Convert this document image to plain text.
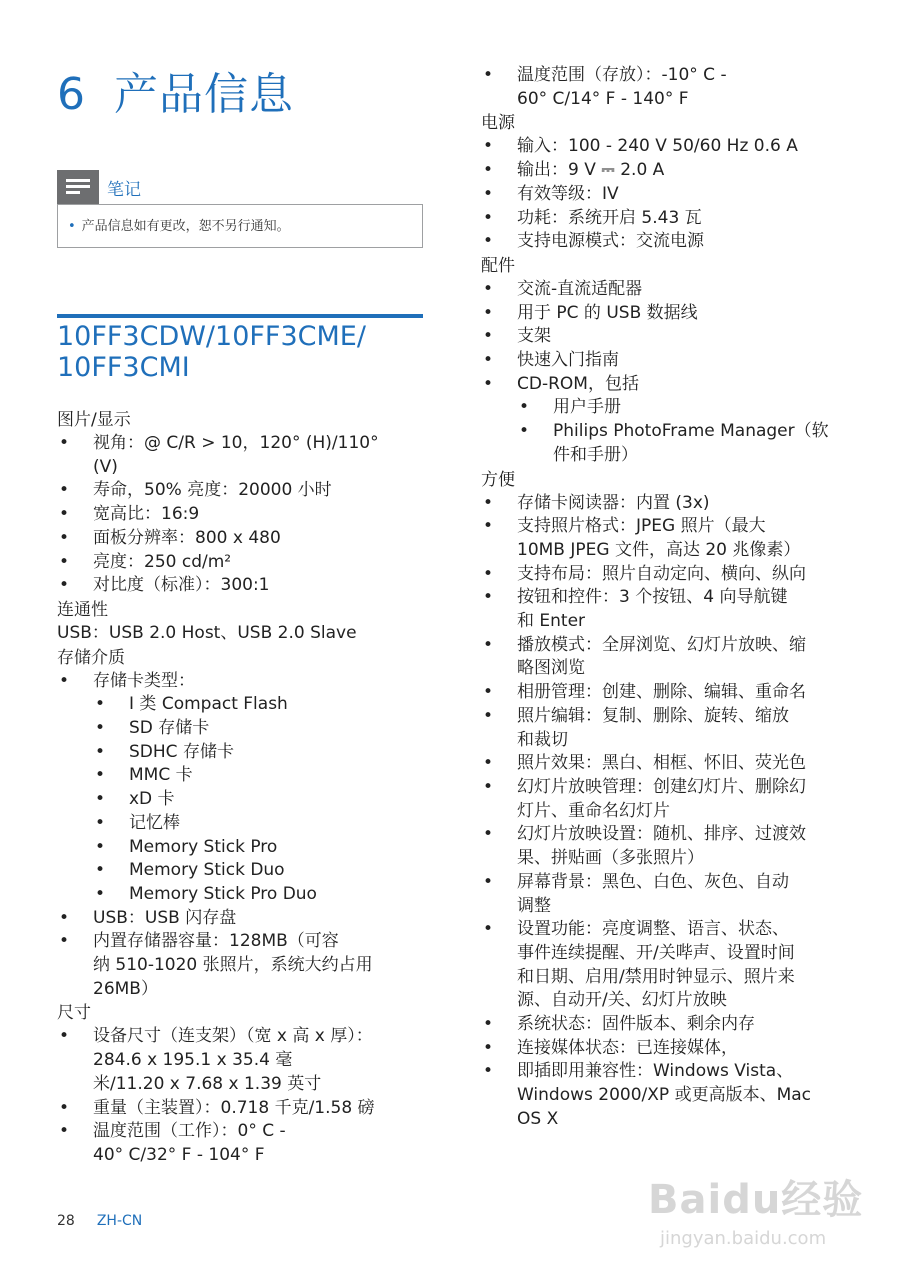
6 产品信息
笔记
• 产品信息如有更改，恕不另行通知。
10FF3CDW/10FF3CME/
10FF3CMI

图片/显示

• 视角：@ C/R > 10，120° (H)/110°
(V)
• 寿命，50% 亮度：20000 小时
• 宽高比：16:9
• 面板分辨率：800 x 480
• 亮度：250 cd/m²
• 对比度（标准）：300:1

连通性

USB：USB 2.0 Host、USB 2.0 Slave

存储介质

• 存储卡类型：
• I 类 Compact Flash
• SD 存储卡
• SDHC 存储卡
• MMC 卡
• xD 卡
• 记忆棒
• Memory Stick Pro
• Memory Stick Duo
• Memory Stick Pro Duo
• USB：USB 闪存盘
• 内置存储器容量：128MB（可容
纳 510-1020 张照片，系统大约占用
26MB）

尺寸

• 设备尺寸（连支架）（宽 x 高 x 厚）：
284.6 x 195.1 x 35.4 毫
米/11.20 x 7.68 x 1.39 英寸
• 重量（主装置）：0.718 千克/1.58 磅
• 温度范围（工作）：0° C -
40° C/32° F - 104° F
• 温度范围（存放）：-10° C -
60° C/14° F - 140° F

电源

• 输入：100 - 240 V 50/60 Hz 0.6 A
• 输出：9 V ⎓ 2.0 A
• 有效等级：IV
• 功耗：系统开启 5.43 瓦
• 支持电源模式：交流电源

配件

• 交流-直流适配器
• 用于 PC 的 USB 数据线
• 支架
• 快速入门指南
• CD-ROM，包括
• 用户手册
• Philips PhotoFrame Manager（软
件和手册）

方便

• 存储卡阅读器：内置 (3x)
• 支持照片格式：JPEG 照片（最大
10MB JPEG 文件，高达 20 兆像素）
• 支持布局：照片自动定向、横向、纵向
• 按钮和控件：3 个按钮、4 向导航键
和 Enter
• 播放模式：全屏浏览、幻灯片放映、缩
略图浏览
• 相册管理：创建、删除、编辑、重命名
• 照片编辑：复制、删除、旋转、缩放
和裁切
• 照片效果：黑白、相框、怀旧、荧光色
• 幻灯片放映管理：创建幻灯片、删除幻
灯片、重命名幻灯片
• 幻灯片放映设置：随机、排序、过渡效
果、拼贴画（多张照片）
• 屏幕背景：黑色、白色、灰色、自动
调整
• 设置功能：亮度调整、语言、状态、
事件连续提醒、开/关哔声、设置时间
和日期、启用/禁用时钟显示、照片来
源、自动开/关、幻灯片放映
• 系统状态：固件版本、剩余内存
• 连接媒体状态：已连接媒体，
• 即插即用兼容性：Windows Vista、
Windows 2000/XP 或更高版本、Mac
OS X
28 ZH-CN	Baidu经验
jingyan.baidu.com
